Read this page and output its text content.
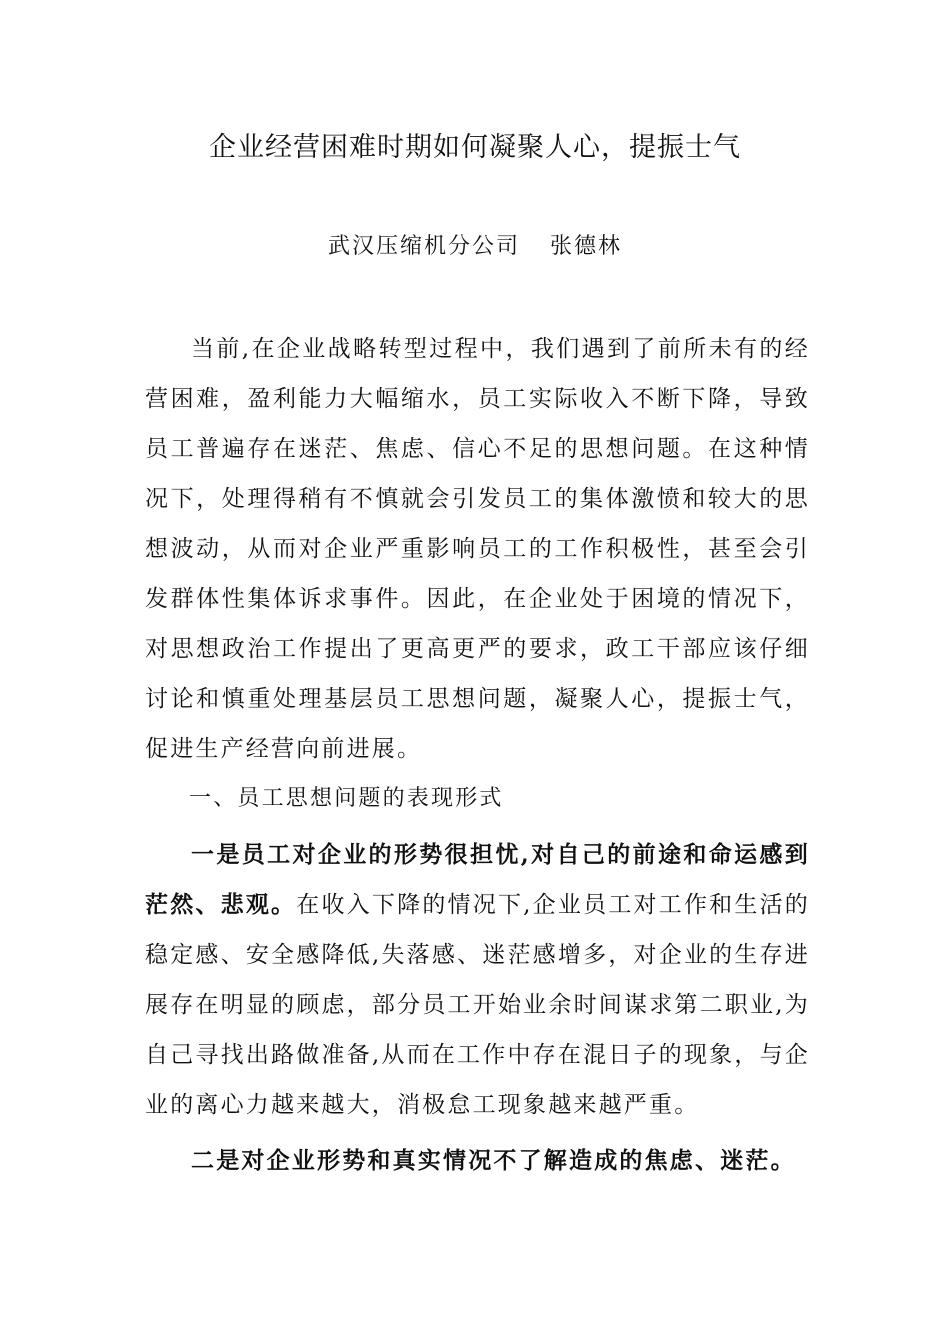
企业经营困难时期如何凝聚人心，提振士气
武汉压缩机分公司 张德林

当前,在企业战略转型过程中，我们遇到了前所未有的经营困难，盈利能力大幅缩水，员工实际收入不断下降，导致员工普遍存在迷茫、焦虑、信心不足的思想问题。在这种情况下，处理得稍有不慎就会引发员工的集体激愤和较大的思想波动，从而对企业严重影响员工的工作积极性，甚至会引发群体性集体诉求事件。因此，在企业处于困境的情况下，对思想政治工作提出了更高更严的要求，政工干部应该仔细讨论和慎重处理基层员工思想问题，凝聚人心，提振士气，促进生产经营向前进展。

一、员工思想问题的表现形式

一是员工对企业的形势很担忧,对自己的前途和命运感到茫然、悲观。在收入下降的情况下,企业员工对工作和生活的稳定感、安全感降低,失落感、迷茫感增多，对企业的生存进展存在明显的顾虑，部分员工开始业余时间谋求第二职业,为自己寻找出路做准备,从而在工作中存在混日子的现象，与企业的离心力越来越大，消极怠工现象越来越严重。

二是对企业形势和真实情况不了解造成的焦虑、迷茫。
